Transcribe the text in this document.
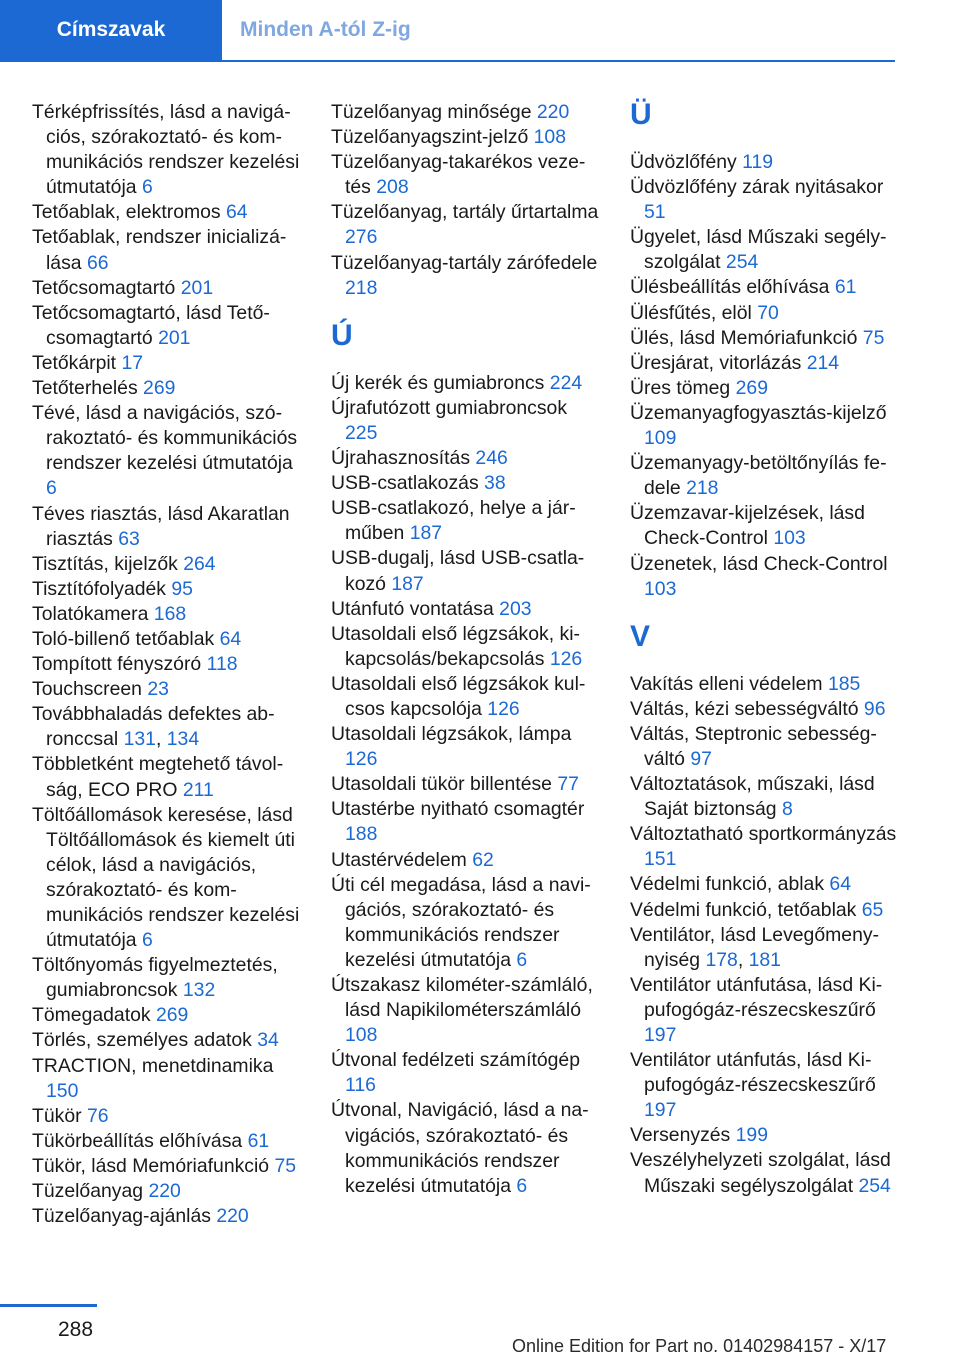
Címszavak	Minden A-tól Z-ig

Térképfrissítés, lásd a navigációs, szórakoztató- és kommunikációs rendszer kezelési útmutatója 6

Tetőablak, elektromos 64

Tetőablak, rendszer inicializálása 66

Tetőcsomagtartó 201

Tetőcsomagtartó, lásd Tetőcsomagtartó 201

Tetőkárpit 17

Tetőterhelés 269

Tévé, lásd a navigációs, szórakoztató- és kommunikációs rendszer kezelési útmutatója 6

Téves riasztás, lásd Akaratlan riasztás 63

Tisztítás, kijelzők 264

Tisztítófolyadék 95

Tolatókamera 168

Toló-billenő tetőablak 64

Tompított fényszóró 118

Touchscreen 23

Továbbhaladás defektes abronccsal 131, 134

Többletként megtehető távolság, ECO PRO 211

Töltőállomások keresése, lásd Töltőállomások és kiemelt úti célok, lásd a navigációs, szórakoztató- és kommunikációs rendszer kezelési útmutatója 6

Töltőnyomás figyelmeztetés, gumiabroncsok 132

Tömegadatok 269

Törlés, személyes adatok 34

TRACTION, menetdinamika 150

Tükör 76

Tükörbeállítás előhívása 61

Tükör, lásd Memóriafunkció 75

Tüzelőanyag 220

Tüzelőanyag-ajánlás 220

Tüzelőanyag minősége 220

Tüzelőanyagszint-jelző 108

Tüzelőanyag-takarékos vezetés 208

Tüzelőanyag, tartály űrtartalma 276

Tüzelőanyag-tartály zárófedele 218

Ú

Új kerék és gumiabroncs 224

Újrafutózott gumiabroncsok 225

Újrahasznosítás 246

USB-csatlakozás 38

USB-csatlakozó, helye a járműben 187

USB-dugalj, lásd USB-csatlakozó 187

Utánfutó vontatása 203

Utasoldali első légzsákok, kikapcsolás/bekapcsolás 126

Utasoldali első légzsákok kulcsos kapcsolója 126

Utasoldali légzsákok, lámpa 126

Utasoldali tükör billentése 77

Utastérbe nyitható csomagtér 188

Utastérvédelem 62

Úti cél megadása, lásd a navigációs, szórakoztató- és kommunikációs rendszer kezelési útmutatója 6

Útszakasz kilométer-számláló, lásd Napikilométerszámláló 108

Útvonal fedélzeti számítógép 116

Útvonal, Navigáció, lásd a navigációs, szórakoztató- és kommunikációs rendszer kezelési útmutatója 6

Ü

Üdvözlőfény 119

Üdvözlőfény zárak nyitásakor 51

Ügyelet, lásd Műszaki segélyszolgálat 254

Ülésbeállítás előhívása 61

Ülésfűtés, elöl 70

Ülés, lásd Memóriafunkció 75

Üresjárat, vitorlázás 214

Üres tömeg 269

Üzemanyagfogyasztás-kijelző 109

Üzemanyagy-betöltőnyílás fedele 218

Üzemzavar-kijelzések, lásd Check-Control 103

Üzenetek, lásd Check-Control 103

V

Vakítás elleni védelem 185

Váltás, kézi sebességváltó 96

Váltás, Steptronic sebességváltó 97

Változtatások, műszaki, lásd Saját biztonság 8

Változtatható sportkormányzás 151

Védelmi funkció, ablak 64

Védelmi funkció, tetőablak 65

Ventilátor, lásd Levegőmenynyiség 178, 181

Ventilátor utánfutása, lásd Kipufogógáz-részecskeszűrő 197

Ventilátor utánfutás, lásd Kipufogógáz-részecskeszűrő 197

Versenyzés 199

Veszélyhelyzeti szolgálat, lásd Műszaki segélyszolgálat 254

288
Online Edition for Part no. 01402984157 - X/17
